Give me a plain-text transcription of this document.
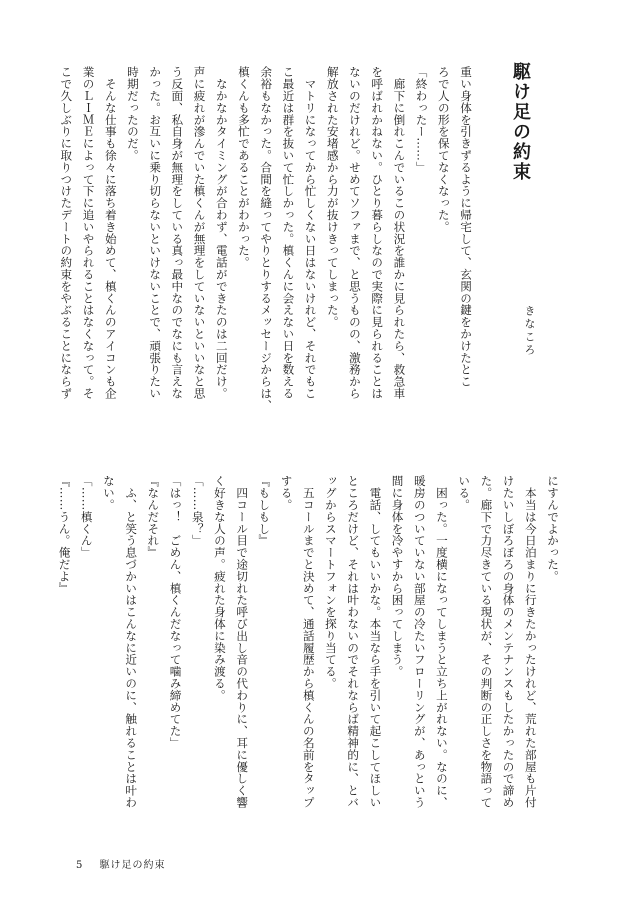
駆け足の約束
きなころ

重い身体を引きずるように帰宅して、玄関の鍵をかけたとこ

ろで人の形を保てなくなった。

「終わったー……」

　廊下に倒れこんでいるこの状況を誰かに見られたら、救急車

を呼ばれかねない。ひとり暮らしなので実際に見られることは

ないのだけれど。せめてソファまで、と思うものの、激務から

解放された安堵感から力が抜けきってしまった。

　マトリになってから忙しくない日はないけれど、それでもこ

こ最近は群を抜いて忙しかった。槙くんに会えない日を数える

余裕もなかった。合間を縫ってやりとりするメッセージからは、

槙くんも多忙であることがわかった。

　なかなかタイミングが合わず、電話ができたのは二回だけ。

声に疲れが滲んでいた槙くんが無理をしていないといいなと思

う反面、私自身が無理をしている真っ最中なのでなにも言えな

かった。お互いに乗り切らないといけないことで、頑張りたい

時期だったのだ。

　そんな仕事も徐々に落ち着き始めて、槙くんのアイコンも企

業のＬＩＭＥによって下に追いやられることはなくなって。そ

こで久しぶりに取りつけたデートの約束をやぶることにならず

にすんでよかった。

　本当は今日泊まりに行きたかったけれど、荒れた部屋も片付

けたいしぼろぼろの身体のメンテナンスもしたかったので諦め

た。廊下で力尽きている現状が、その判断の正しさを物語って

いる。

　困った。一度横になってしまうと立ち上がれない。なのに、

暖房のついていない部屋の冷たいフローリングが、あっという

間に身体を冷やすから困ってしまう。

　電話、してもいいかな。本当なら手を引いて起こしてほしい

ところだけど、それは叶わないのでそれならば精神的に、とバ

ッグからスマートフォンを探り当てる。

　五コールまでと決めて、通話履歴から槙くんの名前をタップ

する。

『もしもし』

　四コール目で途切れた呼び出し音の代わりに、耳に優しく響

く好きな人の声。疲れた身体に染み渡る。

「……泉？」

「はっ！　ごめん、槙くんだなって噛み締めてた」

『なんだそれ』

　ふ、と笑う息づかいはこんなに近いのに、触れることは叶わ

ない。

「……槙くん」

『……うん。俺だよ』

5 駆け足の約束
